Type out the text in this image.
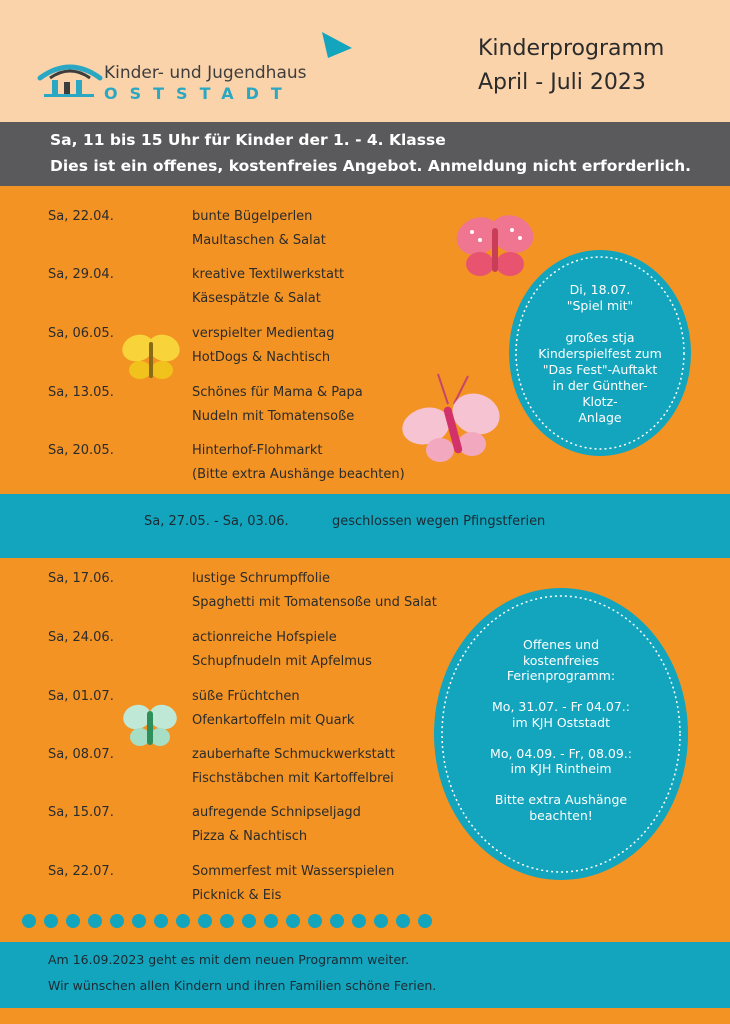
Kinder- und Jugendhaus
OSTSTADT
Kinderprogramm
April - Juli 2023
Sa, 11 bis 15 Uhr für Kinder der 1. - 4. Klasse
Dies ist ein offenes, kostenfreies Angebot. Anmeldung nicht erforderlich.
Sa, 22.04.	bunte Bügelperlen
Maultaschen & Salat
Sa, 29.04.	kreative Textilwerkstatt
Käsespätzle & Salat
Sa, 06.05.	verspielter Medientag
HotDogs & Nachtisch
Sa, 13.05.	Schönes für Mama & Papa
Nudeln mit Tomatensoße
Sa, 20.05.	Hinterhof-Flohmarkt
(Bitte extra Aushänge beachten)
Di, 18.07.
"Spiel mit"
großes stja
Kinderspielfest zum
"Das Fest"-Auftakt
in der Günther-
Klotz-
Anlage
Sa, 27.05. - Sa, 03.06.	geschlossen wegen Pfingstferien
Sa, 17.06.	lustige Schrumpffolie
Spaghetti mit Tomatensoße und Salat
Sa, 24.06.	actionreiche Hofspiele
Schupfnudeln mit Apfelmus
Sa, 01.07.	süße Früchtchen
Ofenkartoffeln mit Quark
Sa, 08.07.	zauberhafte Schmuckwerkstatt
Fischstäbchen mit Kartoffelbrei
Sa, 15.07.	aufregende Schnipseljagd
Pizza & Nachtisch
Sa, 22.07.	Sommerfest mit Wasserspielen
Picknick & Eis
Offenes und
kostenfreies
Ferienprogramm:
Mo, 31.07. - Fr 04.07.:
im KJH Oststadt
Mo, 04.09. - Fr, 08.09.:
im KJH Rintheim
Bitte extra Aushänge
beachten!
Am 16.09.2023 geht es mit dem neuen Programm weiter.
Wir wünschen allen Kindern und ihren Familien schöne Ferien.
